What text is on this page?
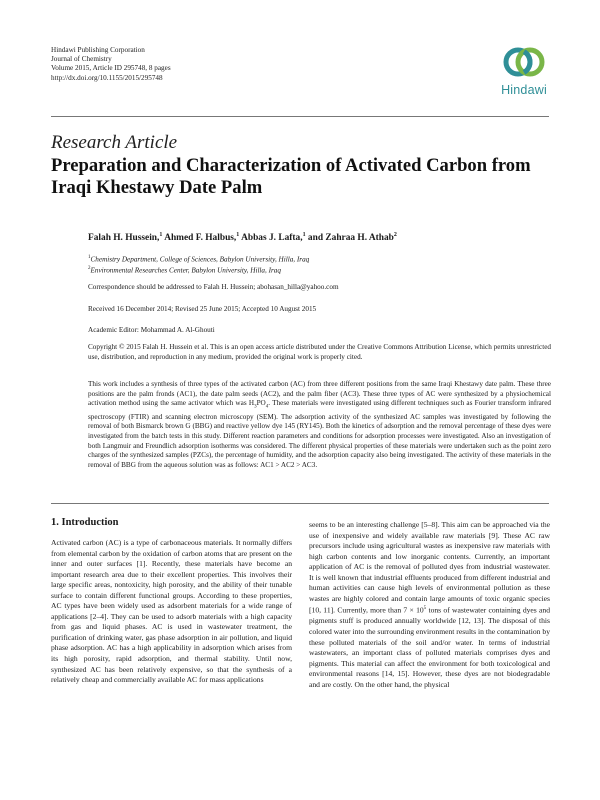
Hindawi Publishing Corporation
Journal of Chemistry
Volume 2015, Article ID 295748, 8 pages
http://dx.doi.org/10.1155/2015/295748
Hindawi
Research Article
Preparation and Characterization of Activated Carbon from Iraqi Khestawy Date Palm
Falah H. Hussein,$^1$ Ahmed F. Halbus,$^1$ Abbas J. Lafta,$^1$ and Zahraa H. Athab$^2$
$^1$Chemistry Department, College of Sciences, Babylon University, Hilla, Iraq
$^2$Environmental Researches Center, Babylon University, Hilla, Iraq
Correspondence should be addressed to Falah H. Hussein; abohasan_hilla@yahoo.com
Received 16 December 2014; Revised 25 June 2015; Accepted 10 August 2015
Academic Editor: Mohammad A. Al-Ghouti
Copyright © 2015 Falah H. Hussein et al. This is an open access article distributed under the Creative Commons Attribution License, which permits unrestricted use, distribution, and reproduction in any medium, provided the original work is properly cited.

This work includes a synthesis of three types of the activated carbon (AC) from three different positions from the same Iraqi Khestawy date palm. These three positions are the palm fronds (AC1), the date palm seeds (AC2), and the palm fiber (AC3). These three types of AC were synthesized by a physiochemical activation method using the same activator which was $H_3PO_4$. These materials were investigated using different techniques such as Fourier transform infrared spectroscopy (FTIR) and scanning electron microscopy (SEM). The adsorption activity of the synthesized AC samples was investigated by following the removal of both Bismarck brown G (BBG) and reactive yellow dye 145 (RY145). Both the kinetics of adsorption and the removal percentage of these dyes were investigated from the batch tests in this study. Different reaction parameters and conditions for adsorption processes were investigated. Also an investigation of both Langmuir and Freundlich adsorption isotherms was considered. The different physical properties of these materials were undertaken such as the point zero charges of the synthesized samples (PZCs), the percentage of humidity, and the adsorption capacity also being investigated. The activity of these materials in the removal of BBG from the aqueous solution was as follows: AC1 > AC2 > AC3.

1. Introduction

Activated carbon (AC) is a type of carbonaceous materials. It normally differs from elemental carbon by the oxidation of carbon atoms that are present on the inner and outer surfaces [1]. Recently, these materials have become an important research area due to their excellent properties. This involves their large specific areas, nontoxicity, high porosity, and the ability of their tunable surface to contain different functional groups. According to these properties, AC types have been widely used as adsorbent materials for a wide range of applications [2–4]. They can be used to adsorb materials with a high capacity from gas and liquid phases. AC is used in wastewater treatment, the purification of drinking water, gas phase adsorption in air pollution, and liquid phase adsorption. AC has a high applicability in adsorption which arises from its high porosity, rapid adsorption, and thermal stability. Until now, synthesized AC has been relatively expensive, so that the synthesis of a relatively cheap and commercially available AC for mass applications

seems to be an interesting challenge [5–8]. This aim can be approached via the use of inexpensive and widely available raw materials [9]. These AC raw precursors include using agricultural wastes as inexpensive raw materials with high carbon contents and low inorganic contents. Currently, an important application of AC is the removal of polluted dyes from industrial wastewater. It is well known that industrial effluents produced from different industrial and human activities can cause high levels of environmental pollution as these wastes are highly colored and contain large amounts of toxic organic species [10, 11]. Currently, more than $7 \times 10^5$ tons of wastewater containing dyes and pigments stuff is produced annually worldwide [12, 13]. The disposal of this colored water into the surrounding environment results in the contamination by these polluted materials of the soil and/or water. In terms of industrial wastewaters, an important class of polluted materials comprises dyes and pigments. This material can affect the environment for both toxicological and environmental reasons [14, 15]. However, these dyes are not biodegradable and are costly. On the other hand, the physical
